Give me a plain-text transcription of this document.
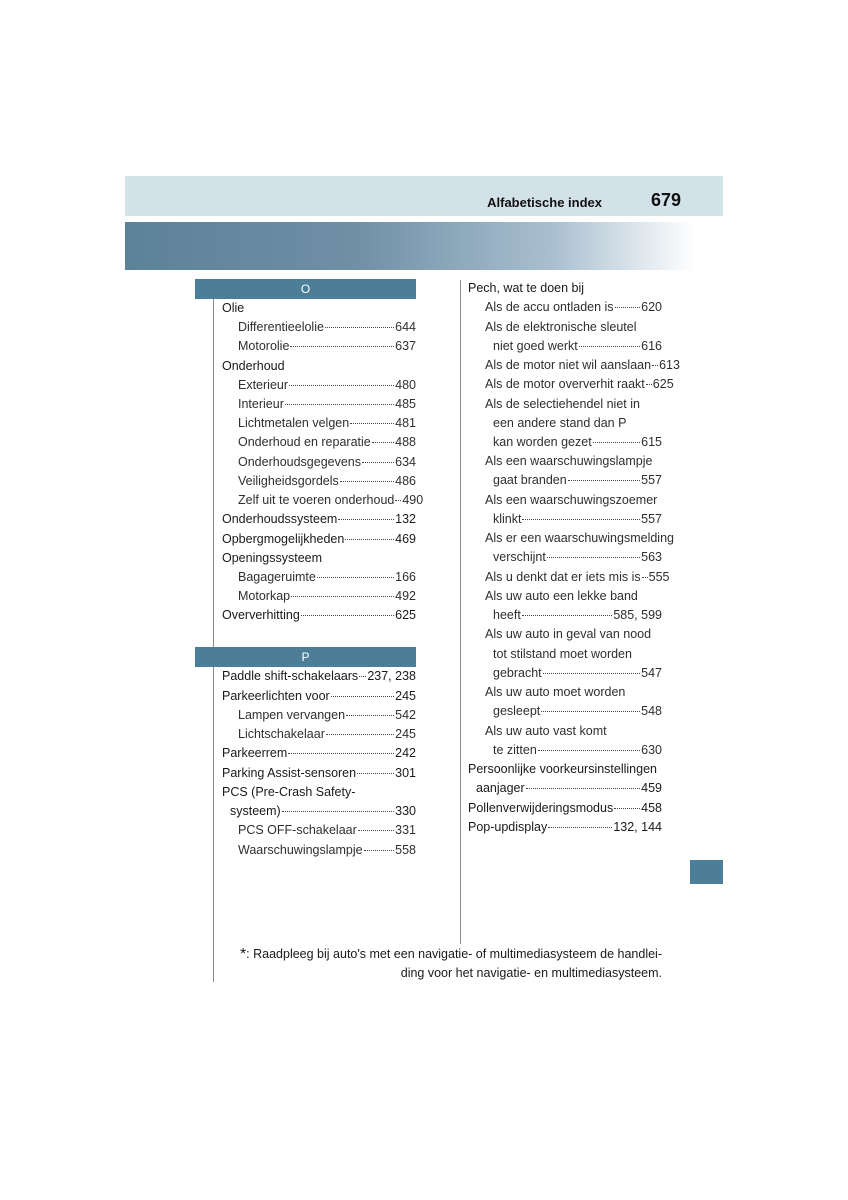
Alfabetische index	679
O
P
Olie
Differentieelolie	644
Motorolie	637
Onderhoud
Exterieur	480
Interieur	485
Lichtmetalen velgen	481
Onderhoud en reparatie 488
Onderhoudsgegevens	634
Veiligheidsgordels	486
Zelf uit te voeren onderhoud 490
Onderhoudssysteem	132
Opbergmogelijkheden	469
Openingssysteem
Bagageruimte	166
Motorkap	492
Oververhitting	625
Paddle shift-schakelaars 237, 238
Parkeerlichten voor	245
Lampen vervangen	542
Lichtschakelaar	245
Parkeerrem	242
Parking Assist-sensoren	301
PCS (Pre-Crash Safety-
systeem)	330
PCS OFF-schakelaar	331
Waarschuwingslampje	558
Pech, wat te doen bij
Als de accu ontladen is 620
Als de elektronische sleutel
niet goed werkt	616
Als de motor niet wil aanslaan 613
Als de motor oververhit raakt 625
Als de selectiehendel niet in
een andere stand dan P
kan worden gezet	615
Als een waarschuwingslampje
gaat branden	557
Als een waarschuwingszoemer
klinkt	557
Als er een waarschuwingsmelding
verschijnt	563
Als u denkt dat er iets mis is 555
Als uw auto een lekke band
heeft	585, 599
Als uw auto in geval van nood
tot stilstand moet worden
gebracht	547
Als uw auto moet worden
gesleept	548
Als uw auto vast komt
te zitten	630
Persoonlijke voorkeursinstellingen
aanjager	459
Pollenverwijderingsmodus 458
Pop-updisplay	132, 144
*: Raadpleeg bij auto's met een navigatie- of multimediasysteem de handlei-
ding voor het navigatie- en multimediasysteem.
